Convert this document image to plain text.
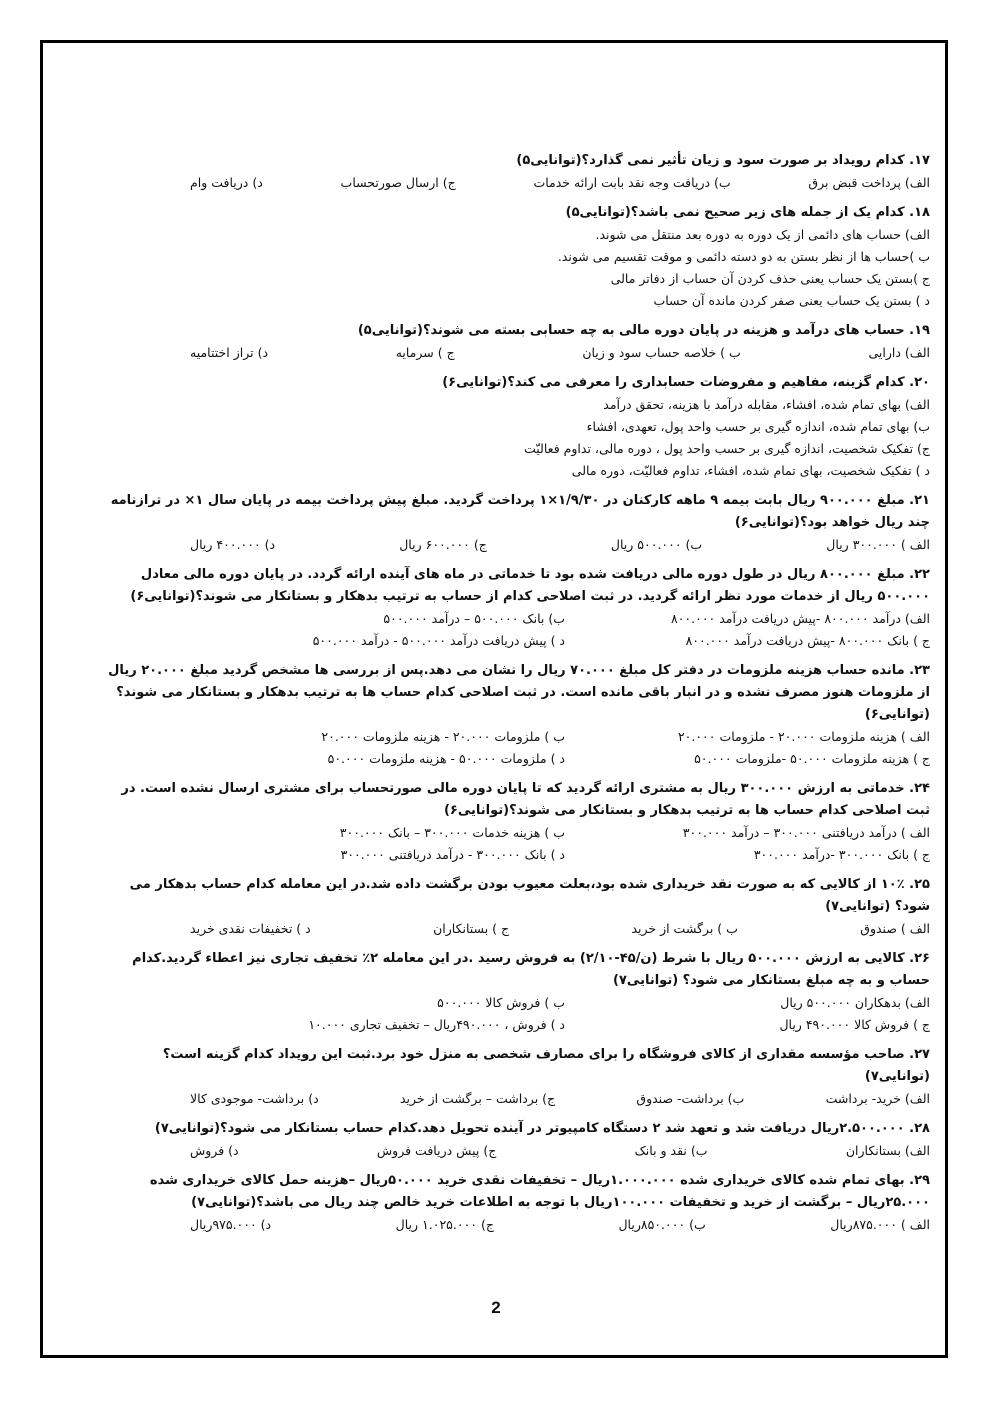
۱۷. کدام رویداد بر صورت سود و زیان تأثیر نمی گذارد؟(توانایی۵)
الف) پرداخت قبض برق
ب) دریافت وجه نقد بابت ارائه خدمات
ج) ارسال صورتحساب
د) دریافت وام
۱۸. کدام یک از جمله های زیر صحیح نمی باشد؟(توانایی۵)
الف) حساب های دائمی از یک دوره به دوره بعد منتقل می شوند.
ب )حساب ها از نظر بستن به دو دسته دائمی و موقت تقسیم می شوند.
ج )بستن یک حساب یعنی حذف کردن آن حساب از دفاتر مالی
د ) بستن یک حساب یعنی صفر کردن مانده آن حساب
۱۹. حساب های درآمد و هزینه در پایان دوره مالی به چه حسابی بسته می شوند؟(توانایی۵)
الف) دارایی
ب ) خلاصه حساب سود و زیان
ج ) سرمایه
د) تراز اختتامیه
۲۰. کدام گزینه، مفاهیم و مفروضات حسابداری را معرفی می کند؟(توانایی۶)
الف) بهای تمام شده، افشاء، مقابله درآمد با هزینه، تحقق درآمد
ب) بهای تمام شده، اندازه گیری بر حسب واحد پول، تعهدی، افشاء
ج) تفکیک شخصیت، اندازه گیری بر حسب واحد پول ، دوره مالی، تداوم فعالیّت
د ) تفکیک شخصیت، بهای تمام شده، افشاء، تداوم فعالیّت، دوره مالی
۲۱. مبلغ ۹۰۰.۰۰۰ ریال بابت بیمه ۹ ماهه کارکنان در ۱/۹/۳۰×۱ پرداخت گردید. مبلغ پیش پرداخت بیمه در پایان سال ۱× در ترازنامه چند ریال خواهد بود؟(توانایی۶)
الف ) ۳۰۰.۰۰۰ ریال
ب) ۵۰۰.۰۰۰ ریال
ج) ۶۰۰.۰۰۰ ریال
د) ۴۰۰.۰۰۰ ریال
۲۲. مبلغ ۸۰۰.۰۰۰ ریال در طول دوره مالی دریافت شده بود تا خدماتی در ماه های آینده ارائه گردد. در پایان دوره مالی معادل ۵۰۰.۰۰۰ ریال از خدمات مورد نظر ارائه گردید. در ثبت اصلاحی کدام از حساب به ترتیب بدهکار و بستانکار می شوند؟(توانایی۶)
الف) درآمد ۸۰۰.۰۰۰ -پیش دریافت درآمد ۸۰۰.۰۰۰
ب) بانک ۵۰۰.۰۰۰ – درآمد ۵۰۰.۰۰۰
ج ) بانک ۸۰۰.۰۰۰ -پیش دریافت درآمد ۸۰۰.۰۰۰
د ) پیش دریافت درآمد ۵۰۰.۰۰۰ - درآمد ۵۰۰.۰۰۰
۲۳. مانده حساب هزینه ملزومات در دفتر کل مبلغ ۷۰.۰۰۰ ریال را نشان می دهد.پس از بررسی ها مشخص گردید مبلغ ۲۰.۰۰۰ ریال از ملزومات هنوز مصرف نشده و در انبار باقی مانده است. در ثبت اصلاحی کدام حساب ها به ترتیب بدهکار و بستانکار می شوند؟(توانایی۶)
الف ) هزینه ملزومات ۲۰.۰۰۰ - ملزومات ۲۰.۰۰۰
ب ) ملزومات ۲۰.۰۰۰ - هزینه ملزومات ۲۰.۰۰۰
ج ) هزینه ملزومات ۵۰.۰۰۰ -ملزومات ۵۰.۰۰۰
د ) ملزومات ۵۰.۰۰۰ - هزینه ملزومات ۵۰.۰۰۰
۲۴. خدماتی به ارزش ۳۰۰.۰۰۰ ریال به مشتری ارائه گردید که تا پایان دوره مالی صورتحساب برای مشتری ارسال نشده است. در ثبت اصلاحی کدام حساب ها به ترتیب بدهکار و بستانکار می شوند؟(توانایی۶)
الف ) درآمد دریافتنی ۳۰۰.۰۰۰ – درآمد ۳۰۰.۰۰۰
ب ) هزینه خدمات ۳۰۰.۰۰۰ – بانک ۳۰۰.۰۰۰
ج ) بانک ۳۰۰.۰۰۰ -درآمد ۳۰۰.۰۰۰
د ) بانک ۳۰۰.۰۰۰ - درآمد دریافتنی ۳۰۰.۰۰۰
۲۵. ۱۰٪ از کالایی که به صورت نقد خریداری شده بود،بعلت معیوب بودن برگشت داده شد.در این معامله کدام حساب بدهکار می شود؟ (توانایی۷)
الف ) صندوق
ب ) برگشت از خرید
ج ) بستانکاران
د ) تخفیفات نقدی خرید
۲۶. کالایی به ارزش ۵۰۰.۰۰۰ ریال با شرط (ن/۴۵-۲/۱۰) به فروش رسید .در این معامله ۲٪ تخفیف تجاری نیز اعطاء گردید.کدام حساب و به چه مبلغ بستانکار می شود؟ (توانایی۷)
الف) بدهکاران ۵۰۰.۰۰۰ ریال
ب ) فروش کالا ۵۰۰.۰۰۰
ج ) فروش کالا ۴۹۰.۰۰۰ ریال
د ) فروش ، ۴۹۰.۰۰۰ریال – تخفیف تجاری ۱۰.۰۰۰
۲۷. صاحب مؤسسه مقداری از کالای فروشگاه را برای مصارف شخصی به منزل خود برد.ثبت این رویداد کدام گزینه است؟ (توانایی۷)
الف) خرید- برداشت
ب) برداشت- صندوق
ج) برداشت – برگشت از خرید
د) برداشت- موجودی کالا
۲۸. ۲.۵۰۰.۰۰۰ریال دریافت شد و تعهد شد ۲ دستگاه کامپیوتر در آینده تحویل دهد.کدام حساب بستانکار می شود؟(توانایی۷)
الف) بستانکاران
ب) نقد و بانک
ج) پیش دریافت فروش
د) فروش
۲۹. بهای تمام شده کالای خریداری شده ۱.۰۰۰.۰۰۰ریال – تخفیفات نقدی خرید ۵۰.۰۰۰ریال –هزینه حمل کالای خریداری شده ۲۵.۰۰۰ریال – برگشت از خرید و تخفیفات ۱۰۰.۰۰۰ریال با توجه به اطلاعات خرید خالص چند ریال می باشد؟(توانایی۷)
الف ) ۸۷۵.۰۰۰ریال
ب) ۸۵۰.۰۰۰ریال
ج) ۱.۰۲۵.۰۰۰ ریال
د) ۹۷۵.۰۰۰ریال
2
